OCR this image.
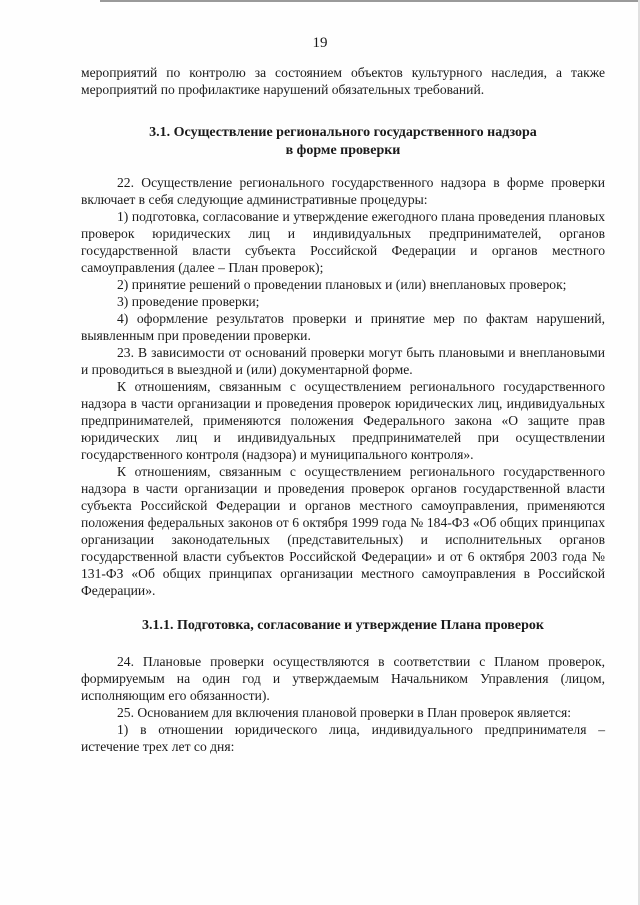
19

мероприятий по контролю за состоянием объектов культурного наследия, а также мероприятий по профилактике нарушений обязательных требований.

3.1. Осуществление регионального государственного надзора
в форме проверки

22. Осуществление регионального государственного надзора в форме проверки включает в себя следующие административные процедуры:

1) подготовка, согласование и утверждение ежегодного плана проведения плановых проверок юридических лиц и индивидуальных предпринимателей, органов государственной власти субъекта Российской Федерации и органов местного самоуправления (далее – План проверок);

2) принятие решений о проведении плановых и (или) внеплановых проверок;

3) проведение проверки;

4) оформление результатов проверки и принятие мер по фактам нарушений, выявленным при проведении проверки.

23. В зависимости от оснований проверки могут быть плановыми и внеплановыми и проводиться в выездной и (или) документарной форме.

К отношениям, связанным с осуществлением регионального государственного надзора в части организации и проведения проверок юридических лиц, индивидуальных предпринимателей, применяются положения Федерального закона «О защите прав юридических лиц и индивидуальных предпринимателей при осуществлении государственного контроля (надзора) и муниципального контроля».

К отношениям, связанным с осуществлением регионального государственного надзора в части организации и проведения проверок органов государственной власти субъекта Российской Федерации и органов местного самоуправления, применяются положения федеральных законов от 6 октября 1999 года № 184-ФЗ «Об общих принципах организации законодательных (представительных) и исполнительных органов государственной власти субъектов Российской Федерации» и от 6 октября 2003 года № 131-ФЗ «Об общих принципах организации местного самоуправления в Российской Федерации».

3.1.1. Подготовка, согласование и утверждение Плана проверок

24. Плановые проверки осуществляются в соответствии с Планом проверок, формируемым на один год и утверждаемым Начальником Управления (лицом, исполняющим его обязанности).

25. Основанием для включения плановой проверки в План проверок является:

1) в отношении юридического лица, индивидуального предпринимателя – истечение трех лет со дня:
